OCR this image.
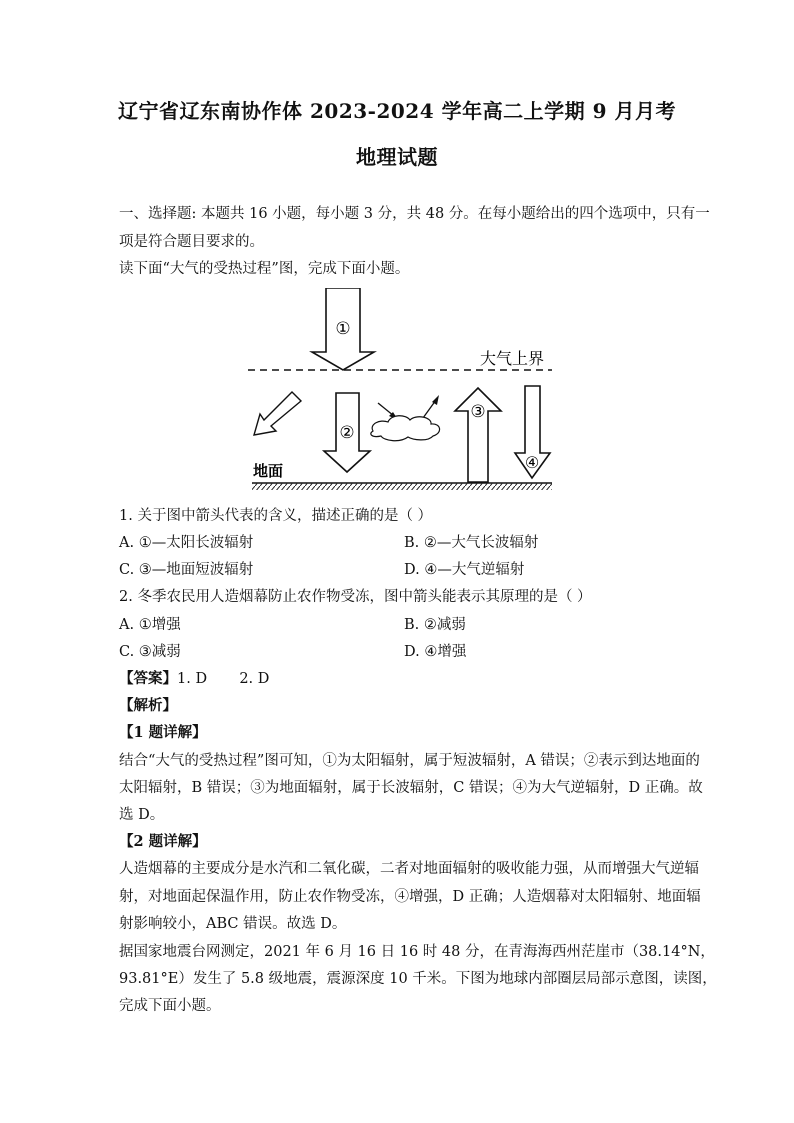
辽宁省辽东南协作体 2023-2024 学年高二上学期 9 月月考
地理试题
一、选择题: 本题共 16 小题，每小题 3 分，共 48 分。在每小题给出的四个选项中，只有一
项是符合题目要求的。
读下面“大气的受热过程”图，完成下面小题。
①
大气上界
②
③
④
地面
1. 关于图中箭头代表的含义，描述正确的是（ ）
A. ①—太阳长波辐射	B. ②—大气长波辐射
C. ③—地面短波辐射	D. ④—大气逆辐射
2. 冬季农民用人造烟幕防止农作物受冻，图中箭头能表示其原理的是（ ）
A. ①增强	B. ②减弱
C. ③减弱	D. ④增强
【答案】1. D       2. D
【解析】
【1 题详解】
结合“大气的受热过程”图可知，①为太阳辐射，属于短波辐射，A 错误；②表示到达地面的
太阳辐射，B 错误；③为地面辐射，属于长波辐射，C 错误；④为大气逆辐射，D 正确。故
选 D。
【2 题详解】
人造烟幕的主要成分是水汽和二氧化碳，二者对地面辐射的吸收能力强，从而增强大气逆辐
射，对地面起保温作用，防止农作物受冻，④增强，D 正确；人造烟幕对太阳辐射、地面辐
射影响较小，ABC 错误。故选 D。
据国家地震台网测定，2021 年 6 月 16 日 16 时 48 分，在青海海西州茫崖市（38.14°N，
93.81°E）发生了 5.8 级地震，震源深度 10 千米。下图为地球内部圈层局部示意图，读图，
完成下面小题。
